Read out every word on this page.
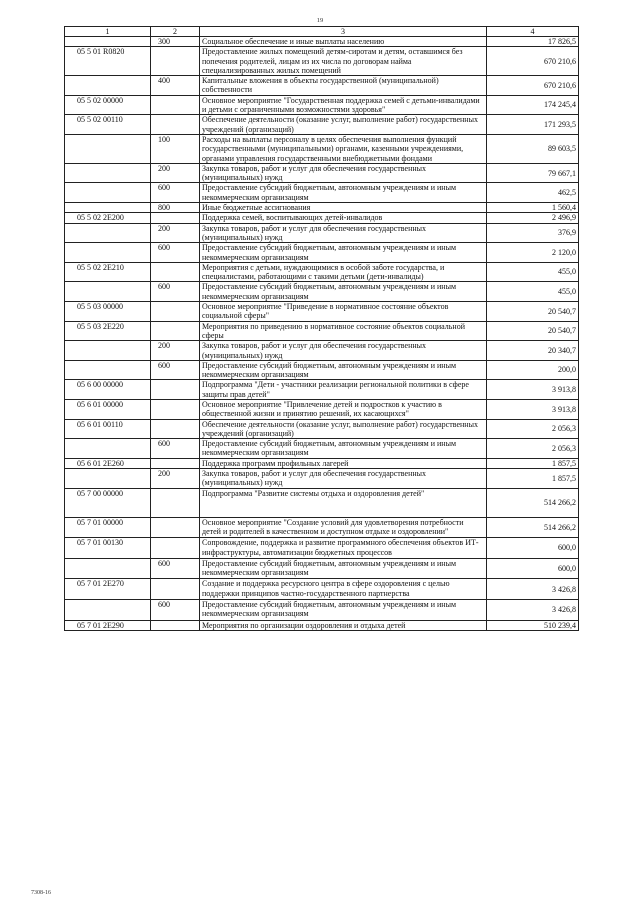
19
1	2	3	4
	300	Социальное обеспечение и иные выплаты населению	17 826,5
05 5 01 R0820		Предоставление жилых помещений детям-сиротам и детям, оставшимся без попечения родителей, лицам из их числа по договорам найма специализированных жилых помещений	670 210,6
	400	Капитальные вложения в объекты государственной (муниципальной) собственности	670 210,6
05 5 02 00000		Основное мероприятие "Государственная поддержка семей с детьми-инвалидами и детьми с ограниченными возможностями здоровья"	174 245,4
05 5 02 00110		Обеспечение деятельности (оказание услуг, выполнение работ) государственных учреждений (организаций)	171 293,5
	100	Расходы на выплаты персоналу в целях обеспечения выполнения функций государственными (муниципальными) органами, казенными учреждениями, органами управления государственными внебюджетными фондами	89 603,5
	200	Закупка товаров, работ и услуг для обеспечения государственных (муниципальных) нужд	79 667,1
	600	Предоставление субсидий бюджетным, автономным учреждениям и иным некоммерческим организациям	462,5
	800	Иные бюджетные ассигнования	1 560,4
05 5 02 2E200		Поддержка семей, воспитывающих детей-инвалидов	2 496,9
	200	Закупка товаров, работ и услуг для обеспечения государственных (муниципальных) нужд	376,9
	600	Предоставление субсидий бюджетным, автономным учреждениям и иным некоммерческим организациям	2 120,0
05 5 02 2E210		Мероприятия с детьми, нуждающимися в особой заботе государства, и специалистами, работающими с такими детьми (дети-инвалиды)	455,0
	600	Предоставление субсидий бюджетным, автономным учреждениям и иным некоммерческим организациям	455,0
05 5 03 00000		Основное мероприятие "Приведение в нормативное состояние объектов социальной сферы"	20 540,7
05 5 03 2E220		Мероприятия по приведению в нормативное состояние объектов социальной сферы	20 540,7
	200	Закупка товаров, работ и услуг для обеспечения государственных (муниципальных) нужд	20 340,7
	600	Предоставление субсидий бюджетным, автономным учреждениям и иным некоммерческим организациям	200,0
05 6 00 00000		Подпрограмма "Дети - участники реализации региональной политики в сфере защиты прав детей"	3 913,8
05 6 01 00000		Основное мероприятие "Привлечение детей и подростков к участию в общественной жизни и принятию решений, их касающихся"	3 913,8
05 6 01 00110		Обеспечение деятельности (оказание услуг, выполнение работ) государственных учреждений (организаций)	2 056,3
	600	Предоставление субсидий бюджетным, автономным учреждениям и иным некоммерческим организациям	2 056,3
05 6 01 2E260		Поддержка программ профильных лагерей	1 857,5
	200	Закупка товаров, работ и услуг для обеспечения государственных (муниципальных) нужд	1 857,5
05 7 00 00000		Подпрограмма "Развитие системы отдыха и оздоровления детей"	514 266,2
05 7 01 00000		Основное мероприятие "Создание условий для удовлетворения потребности детей и родителей в качественном и доступном отдыхе и оздоровлении"	514 266,2
05 7 01 00130		Сопровождение, поддержка и развитие программного обеспечения объектов ИТ-инфраструктуры, автоматизации бюджетных процессов	600,0
	600	Предоставление субсидий бюджетным, автономным учреждениям и иным некоммерческим организациям	600,0
05 7 01 2E270		Создание и поддержка ресурсного центра в сфере оздоровления с целью поддержки принципов частно-государственного партнерства	3 426,8
	600	Предоставление субсидий бюджетным, автономным учреждениям и иным некоммерческим организациям	3 426,8
05 7 01 2E290		Мероприятия по организации оздоровления и отдыха детей	510 239,4
7308-16
